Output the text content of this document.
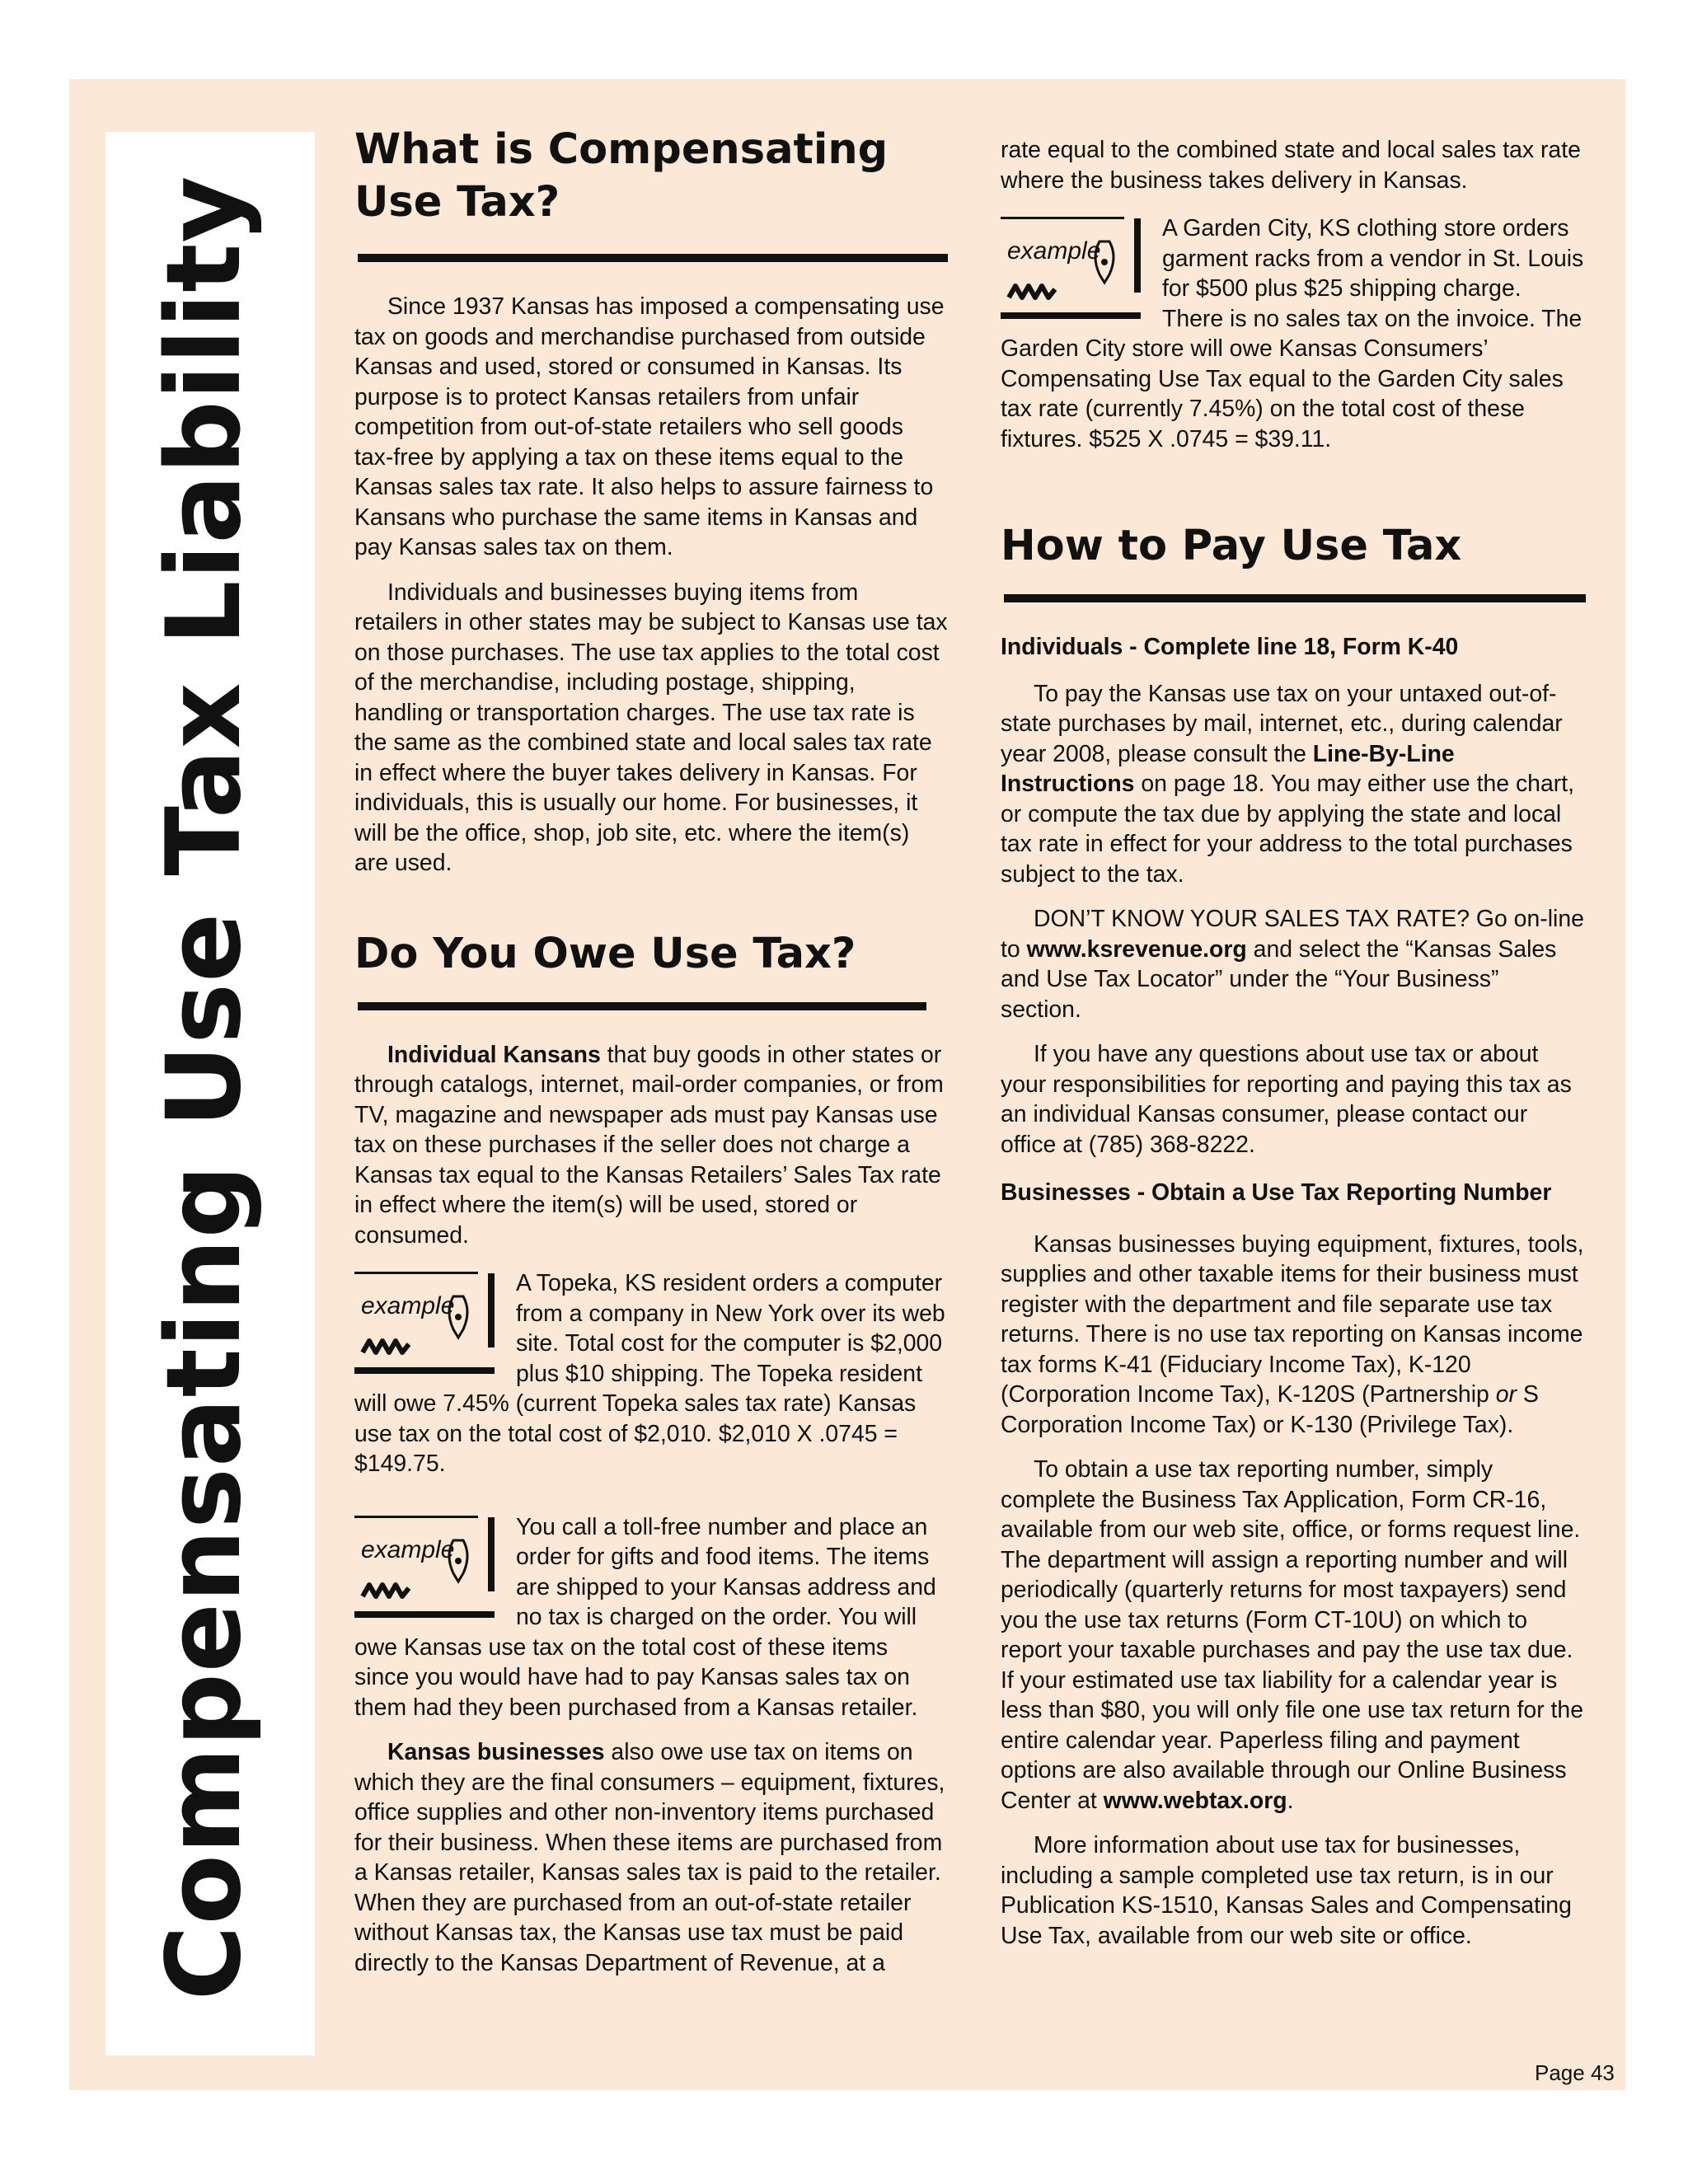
Compensating Use Tax Liability
What is Compensating Use Tax?

Since 1937 Kansas has imposed a compensating use tax on goods and merchandise purchased from outside Kansas and used, stored or consumed in Kansas. Its purpose is to protect Kansas retailers from unfair competition from out-of-state retailers who sell goods tax-free by applying a tax on these items equal to the Kansas sales tax rate. It also helps to assure fairness to Kansans who purchase the same items in Kansas and pay Kansas sales tax on them.

Individuals and businesses buying items from retailers in other states may be subject to Kansas use tax on those purchases. The use tax applies to the total cost of the merchandise, including postage, shipping, handling or transportation charges. The use tax rate is the same as the combined state and local sales tax rate in effect where the buyer takes delivery in Kansas. For individuals, this is usually our home. For businesses, it will be the office, shop, job site, etc. where the item(s) are used.

Do You Owe Use Tax?

Individual Kansans that buy goods in other states or through catalogs, internet, mail-order companies, or from TV, magazine and newspaper ads must pay Kansas use tax on these purchases if the seller does not charge a Kansas tax equal to the Kansas Retailers’ Sales Tax rate in effect where the item(s) will be used, stored or consumed.

example
A Topeka, KS resident orders a computer from a company in New York over its web site. Total cost for the computer is $2,000 plus $10 shipping. The Topeka resident will owe 7.45% (current Topeka sales tax rate) Kansas use tax on the total cost of $2,010. $2,010 X .0745 = $149.75.

example
You call a toll-free number and place an order for gifts and food items. The items are shipped to your Kansas address and no tax is charged on the order. You will owe Kansas use tax on the total cost of these items since you would have had to pay Kansas sales tax on them had they been purchased from a Kansas retailer.

Kansas businesses also owe use tax on items on which they are the final consumers – equipment, fixtures, office supplies and other non-inventory items purchased for their business. When these items are purchased from a Kansas retailer, Kansas sales tax is paid to the retailer. When they are purchased from an out-of-state retailer without Kansas tax, the Kansas use tax must be paid directly to the Kansas Department of Revenue, at a

rate equal to the combined state and local sales tax rate where the business takes delivery in Kansas.

example
A Garden City, KS clothing store orders garment racks from a vendor in St. Louis for $500 plus $25 shipping charge. There is no sales tax on the invoice. The Garden City store will owe Kansas Consumers’ Compensating Use Tax equal to the Garden City sales tax rate (currently 7.45%) on the total cost of these fixtures. $525 X .0745 = $39.11.

How to Pay Use Tax
Individuals - Complete line 18, Form K-40

To pay the Kansas use tax on your untaxed out-of-state purchases by mail, internet, etc., during calendar year 2008, please consult the Line-By-Line Instructions on page 18. You may either use the chart, or compute the tax due by applying the state and local tax rate in effect for your address to the total purchases subject to the tax.

DON’T KNOW YOUR SALES TAX RATE? Go on-line to www.ksrevenue.org and select the “Kansas Sales and Use Tax Locator” under the “Your Business” section.

If you have any questions about use tax or about your responsibilities for reporting and paying this tax as an individual Kansas consumer, please contact our office at (785) 368-8222.

Businesses - Obtain a Use Tax Reporting Number

Kansas businesses buying equipment, fixtures, tools, supplies and other taxable items for their business must register with the department and file separate use tax returns. There is no use tax reporting on Kansas income tax forms K-41 (Fiduciary Income Tax), K-120 (Corporation Income Tax), K-120S (Partnership or S Corporation Income Tax) or K-130 (Privilege Tax).

To obtain a use tax reporting number, simply complete the Business Tax Application, Form CR-16, available from our web site, office, or forms request line. The department will assign a reporting number and will periodically (quarterly returns for most taxpayers) send you the use tax returns (Form CT-10U) on which to report your taxable purchases and pay the use tax due. If your estimated use tax liability for a calendar year is less than $80, you will only file one use tax return for the entire calendar year. Paperless filing and payment options are also available through our Online Business Center at www.webtax.org.

More information about use tax for businesses, including a sample completed use tax return, is in our Publication KS-1510, Kansas Sales and Compensating Use Tax, available from our web site or office.

Page 43
